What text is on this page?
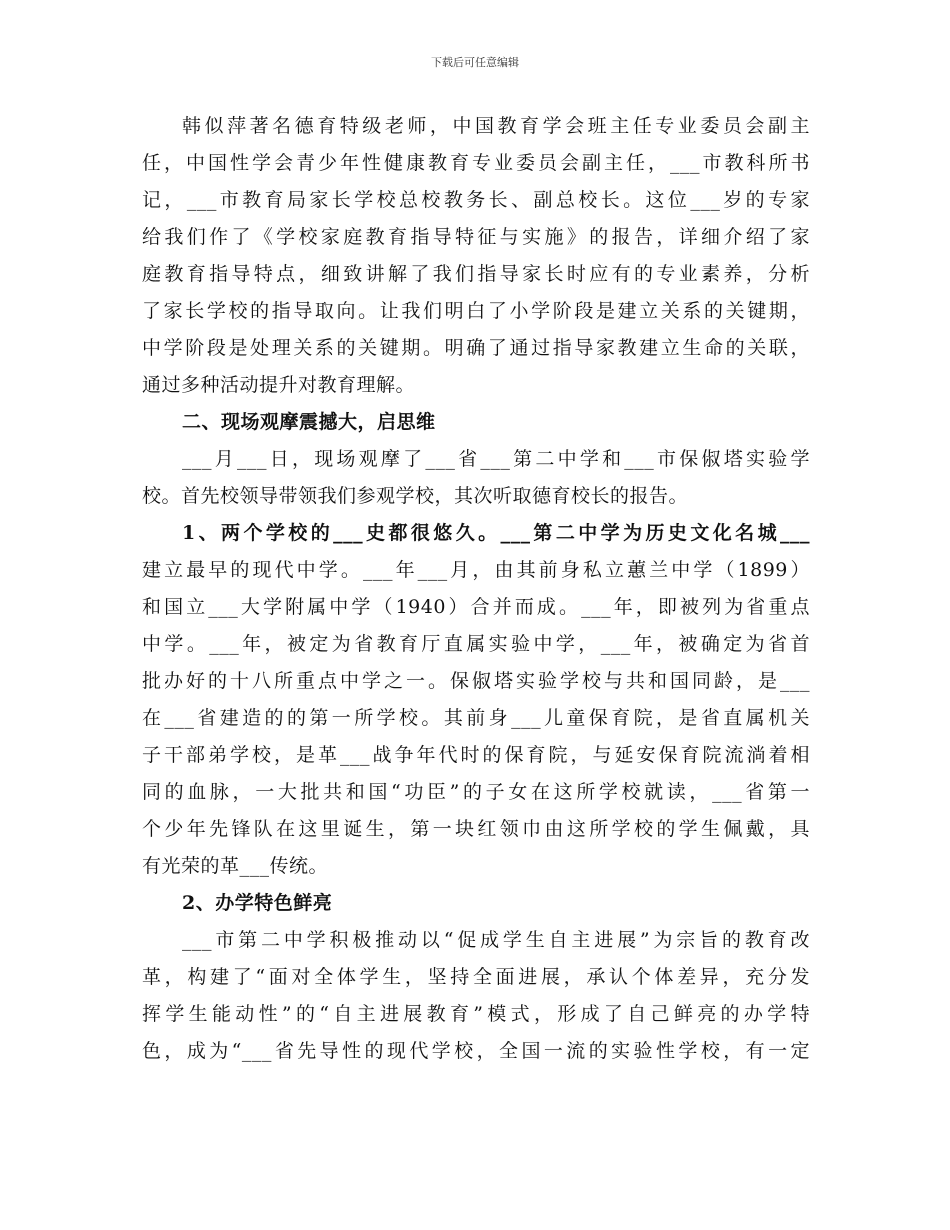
下载后可任意编辑
韩似萍著名德育特级老师，中国教育学会班主任专业委员会副主
任，中国性学会青少年性健康教育专业委员会副主任，___市教科所书
记，___市教育局家长学校总校教务长、副总校长。这位___岁的专家
给我们作了《学校家庭教育指导特征与实施》的报告，详细介绍了家
庭教育指导特点，细致讲解了我们指导家长时应有的专业素养，分析
了家长学校的指导取向。让我们明白了小学阶段是建立关系的关键期，
中学阶段是处理关系的关键期。明确了通过指导家教建立生命的关联，
通过多种活动提升对教育理解。
二、现场观摩震撼大，启思维
___月___日，现场观摩了___省___第二中学和___市保俶塔实验学
校。首先校领导带领我们参观学校，其次听取德育校长的报告。
1、两个学校的___史都很悠久。___第二中学为历史文化名城___
建立最早的现代中学。___年___月，由其前身私立蕙兰中学（1899）
和国立___大学附属中学（1940）合并而成。___年，即被列为省重点
中学。___年，被定为省教育厅直属实验中学，___年，被确定为省首
批办好的十八所重点中学之一。保俶塔实验学校与共和国同龄，是___
在___省建造的的第一所学校。其前身___儿童保育院，是省直属机关
子干部弟学校，是革___战争年代时的保育院，与延安保育院流淌着相
同的血脉，一大批共和国“功臣”的子女在这所学校就读，___省第一
个少年先锋队在这里诞生，第一块红领巾由这所学校的学生佩戴，具
有光荣的革___传统。
2、办学特色鲜亮
___市第二中学积极推动以“促成学生自主进展”为宗旨的教育改
革，构建了“面对全体学生，坚持全面进展，承认个体差异，充分发
挥学生能动性”的“自主进展教育”模式，形成了自己鲜亮的办学特
色，成为“___省先导性的现代学校，全国一流的实验性学校，有一定
